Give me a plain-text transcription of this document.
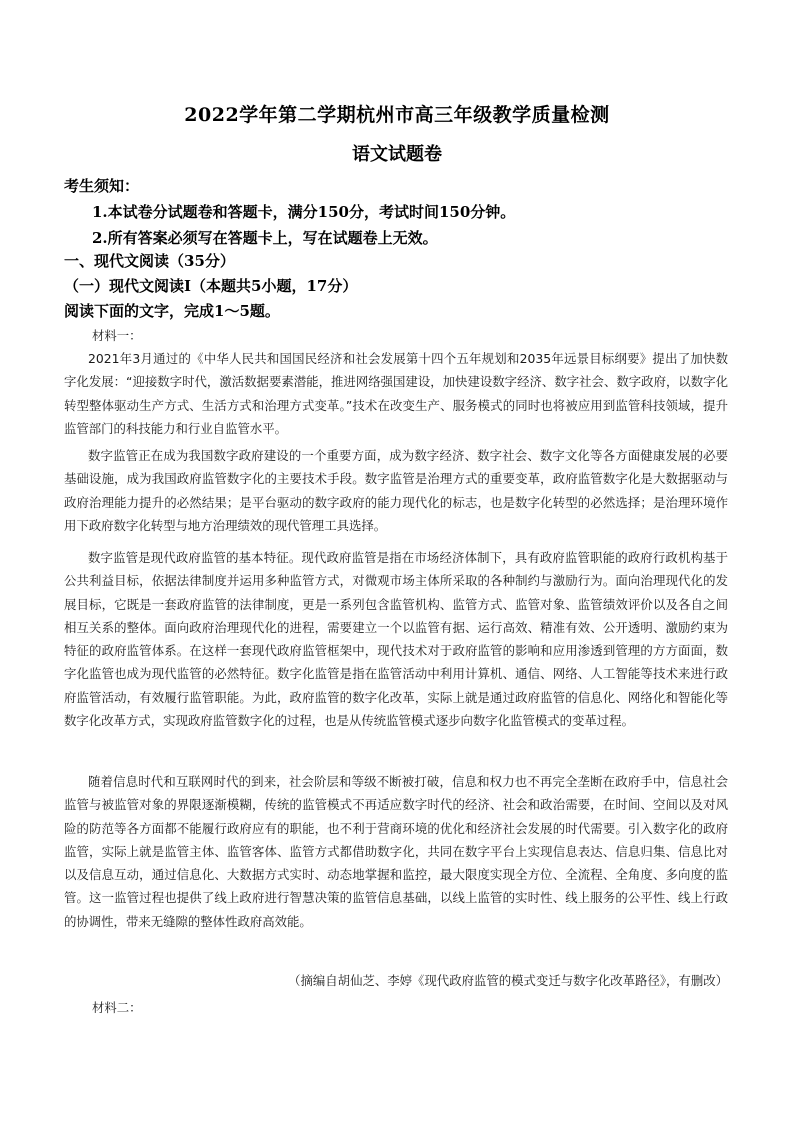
2022学年第二学期杭州市高三年级教学质量检测
语文试题卷
考生须知：
1.本试卷分试题卷和答题卡，满分150分，考试时间150分钟。
2.所有答案必须写在答题卡上，写在试题卷上无效。
一、现代文阅读（35分）
（一）现代文阅读Ⅰ（本题共5小题，17分）
阅读下面的文字，完成1～5题。
材料一：

2021年3月通过的《中华人民共和国国民经济和社会发展第十四个五年规划和2035年远景目标纲要》提出了加快数字化发展：“迎接数字时代，激活数据要素潜能，推进网络强国建设，加快建设数字经济、数字社会、数字政府，以数字化转型整体驱动生产方式、生活方式和治理方式变革。”技术在改变生产、服务模式的同时也将被应用到监管科技领域，提升监管部门的科技能力和行业自监管水平。

数字监管正在成为我国数字政府建设的一个重要方面，成为数字经济、数字社会、数字文化等各方面健康发展的必要基础设施，成为我国政府监管数字化的主要技术手段。数字监管是治理方式的重要变革，政府监管数字化是大数据驱动与政府治理能力提升的必然结果；是平台驱动的数字政府的能力现代化的标志，也是数字化转型的必然选择；是治理环境作用下政府数字化转型与地方治理绩效的现代管理工具选择。

数字监管是现代政府监管的基本特征。现代政府监管是指在市场经济体制下，具有政府监管职能的政府行政机构基于公共利益目标，依据法律制度并运用多种监管方式，对微观市场主体所采取的各种制约与激励行为。面向治理现代化的发展目标，它既是一套政府监管的法律制度，更是一系列包含监管机构、监管方式、监管对象、监管绩效评价以及各自之间相互关系的整体。面向政府治理现代化的进程，需要建立一个以监管有据、运行高效、精准有效、公开透明、激励约束为特征的政府监管体系。在这样一套现代政府监管框架中，现代技术对于政府监管的影响和应用渗透到管理的方方面面，数字化监管也成为现代监管的必然特征。数字化监管是指在监管活动中利用计算机、通信、网络、人工智能等技术来进行政府监管活动，有效履行监管职能。为此，政府监管的数字化改革，实际上就是通过政府监管的信息化、网络化和智能化等数字化改革方式，实现政府监管数字化的过程，也是从传统监管模式逐步向数字化监管模式的变革过程。

随着信息时代和互联网时代的到来，社会阶层和等级不断被打破，信息和权力也不再完全垄断在政府手中，信息社会监管与被监管对象的界限逐渐模糊，传统的监管模式不再适应数字时代的经济、社会和政治需要，在时间、空间以及对风险的防范等各方面都不能履行政府应有的职能，也不利于营商环境的优化和经济社会发展的时代需要。引入数字化的政府监管，实际上就是监管主体、监管客体、监管方式都借助数字化，共同在数字平台上实现信息表达、信息归集、信息比对以及信息互动，通过信息化、大数据方式实时、动态地掌握和监控，最大限度实现全方位、全流程、全角度、多向度的监管。这一监管过程也提供了线上政府进行智慧决策的监管信息基础，以线上监管的实时性、线上服务的公平性、线上行政的协调性，带来无缝隙的整体性政府高效能。

（摘编自胡仙芝、李婷《现代政府监管的模式变迁与数字化改革路径》，有删改）
材料二：
